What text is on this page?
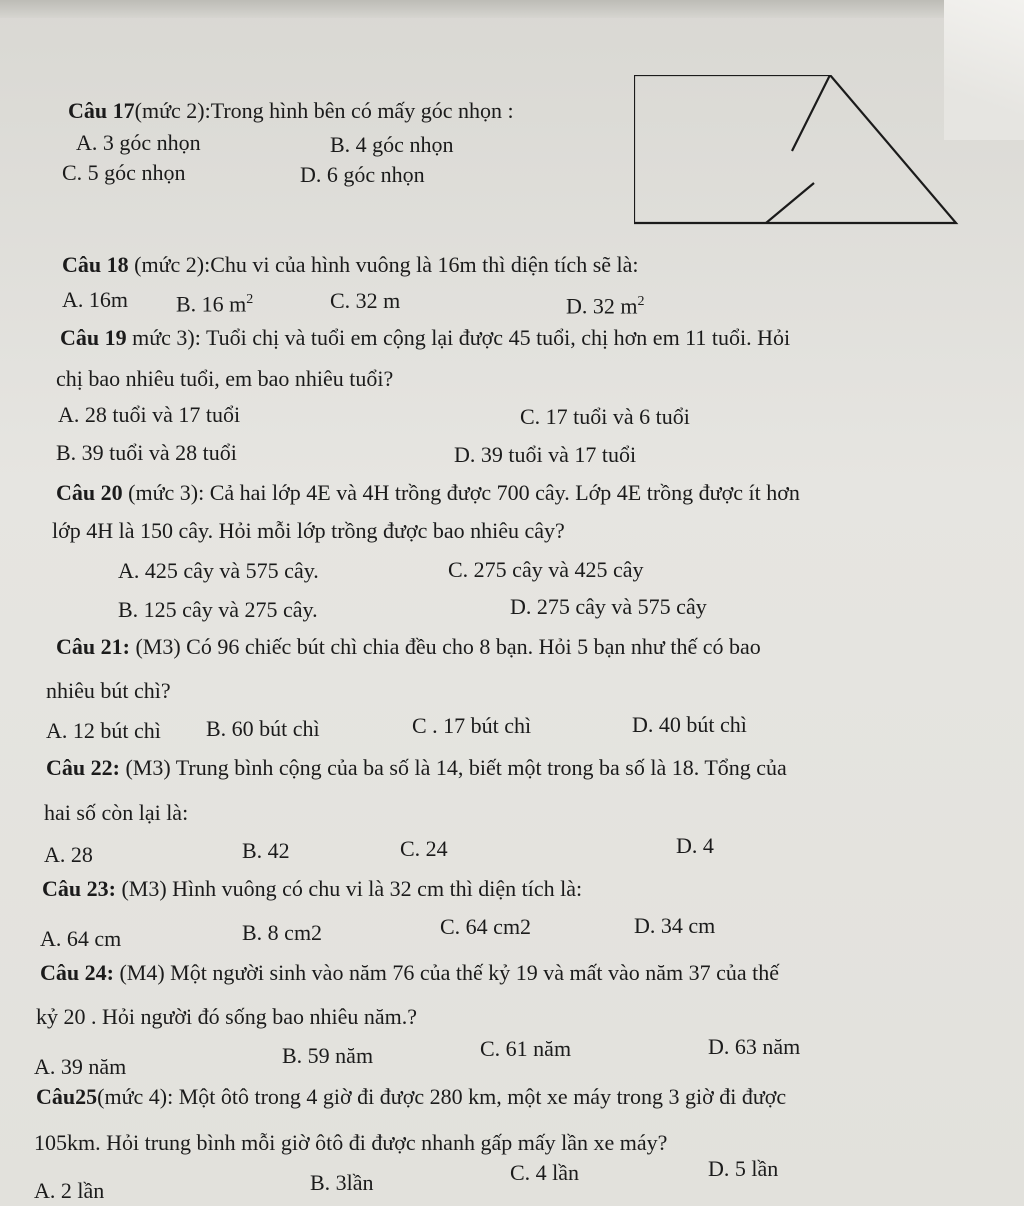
Câu 17(mức 2):Trong hình bên có mấy góc nhọn :
A. 3 góc nhọn	B. 4 góc nhọn
C. 5 góc nhọn	D. 6 góc nhọn
Câu 18 (mức 2):Chu vi của hình vuông là 16m thì diện tích sẽ là:
A. 16m B. 16 $m^2$	C. 32 m	D. 32 $m^2$
Câu 19 mức 3): Tuổi chị và tuổi em cộng lại được 45 tuổi, chị hơn em 11 tuổi. Hỏi
chị bao nhiêu tuổi, em bao nhiêu tuổi?
A. 28 tuổi và 17 tuổi	C. 17 tuổi và 6 tuổi
B. 39 tuổi và 28 tuổi	D. 39 tuổi và 17 tuổi
Câu 20 (mức 3): Cả hai lớp 4E và 4H trồng được 700 cây. Lớp 4E trồng được ít hơn
lớp 4H là 150 cây. Hỏi mỗi lớp trồng được bao nhiêu cây?
A. 425 cây và 575 cây.	C. 275 cây và 425 cây
B. 125 cây và 275 cây.	D. 275 cây và 575 cây
Câu 21: (M3) Có 96 chiếc bút chì chia đều cho 8 bạn. Hỏi 5 bạn như thế có bao
nhiêu bút chì?
A. 12 bút chì B. 60 bút chì	C . 17 bút chì	D. 40 bút chì
Câu 22: (M3) Trung bình cộng của ba số là 14, biết một trong ba số là 18. Tổng của
hai số còn lại là:
A. 28	B. 42	C. 24	D. 4
Câu 23: (M3) Hình vuông có chu vi là 32 cm thì diện tích là:
A. 64 cm	B. 8 cm2	C. 64 cm2	D. 34 cm
Câu 24: (M4) Một người sinh vào năm 76 của thế kỷ 19 và mất vào năm 37 của thế
kỷ 20 . Hỏi người đó sống bao nhiêu năm.?
A. 39 năm	B. 59 năm	C. 61 năm	D. 63 năm
Câu25(mức 4): Một ôtô trong 4 giờ đi được 280 km, một xe máy trong 3 giờ đi được
105km. Hỏi trung bình mỗi giờ ôtô đi được nhanh gấp mấy lần xe máy?
A. 2 lần	B. 3lần	C. 4 lần	D. 5 lần
